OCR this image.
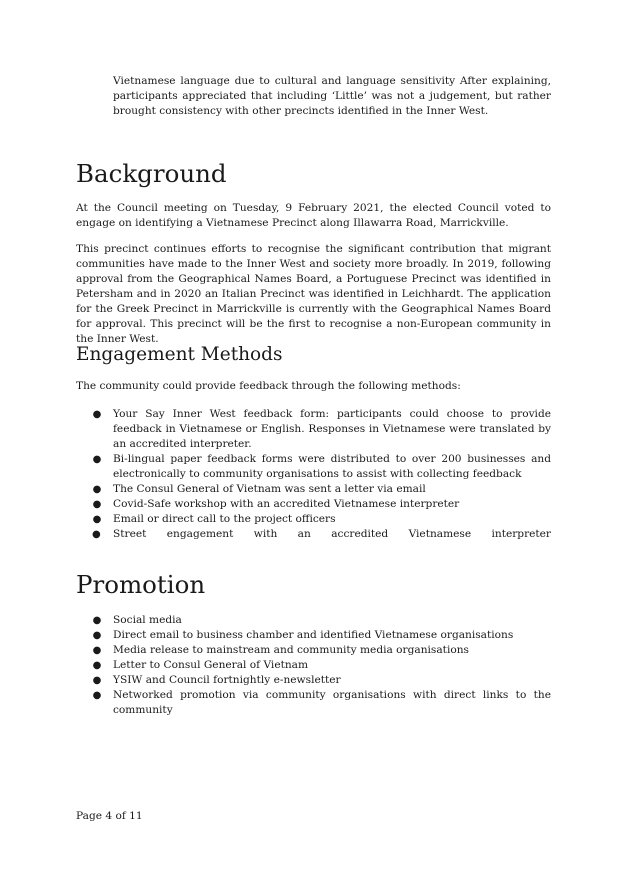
Vietnamese language due to cultural and language sensitivity After explaining, participants appreciated that including ‘Little’ was not a judgement, but rather brought consistency with other precincts identified in the Inner West.

Background

At the Council meeting on Tuesday, 9 February 2021, the elected Council voted to engage on identifying a Vietnamese Precinct along Illawarra Road, Marrickville.

This precinct continues efforts to recognise the significant contribution that migrant communities have made to the Inner West and society more broadly. In 2019, following approval from the Geographical Names Board, a Portuguese Precinct was identified in Petersham and in 2020 an Italian Precinct was identified in Leichhardt. The application for the Greek Precinct in Marrickville is currently with the Geographical Names Board for approval. This precinct will be the first to recognise a non-European community in the Inner West.

Engagement Methods

The community could provide feedback through the following methods:

● Your Say Inner West feedback form: participants could choose to provide feedback in Vietnamese or English. Responses in Vietnamese were translated by an accredited interpreter.
● Bi-lingual paper feedback forms were distributed to over 200 businesses and electronically to community organisations to assist with collecting feedback
● The Consul General of Vietnam was sent a letter via email
● Covid-Safe workshop with an accredited Vietnamese interpreter
● Email or direct call to the project officers
● Street engagement with an accredited Vietnamese interpreter
Promotion
● Social media
● Direct email to business chamber and identified Vietnamese organisations
● Media release to mainstream and community media organisations
● Letter to Consul General of Vietnam
● YSIW and Council fortnightly e-newsletter
● Networked promotion via community organisations with direct links to the community
Page 4 of 11
